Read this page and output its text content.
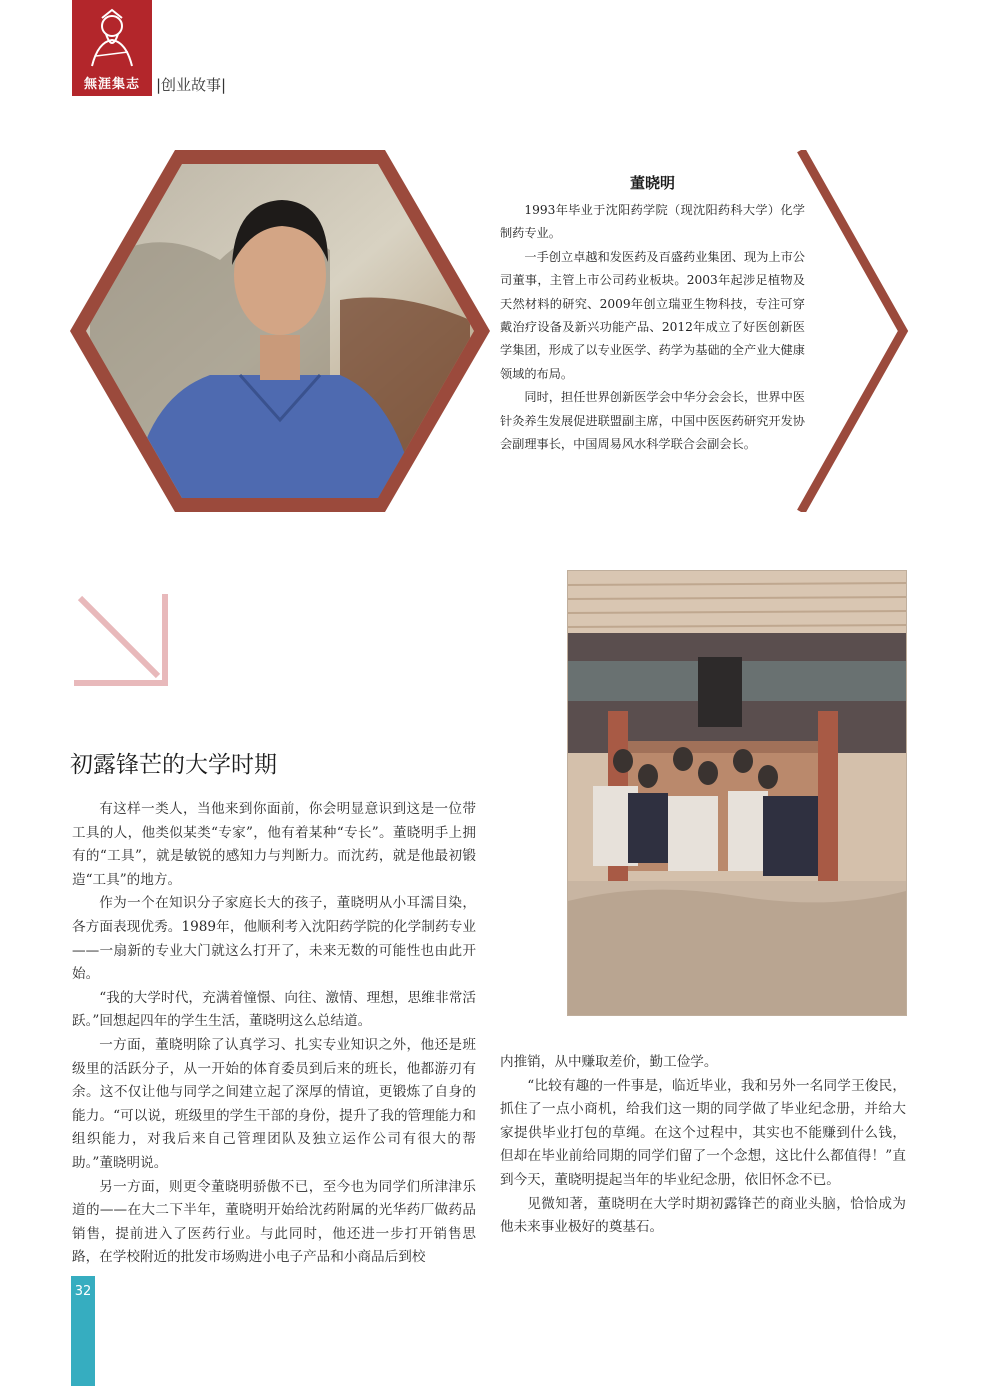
無涯集志	|创业故事|
董晓明

1993年毕业于沈阳药学院（现沈阳药科大学）化学制药专业。

一手创立卓越和发医药及百盛药业集团、现为上市公司董事，主管上市公司药业板块。2003年起涉足植物及天然材料的研究、2009年创立瑞亚生物科技，专注可穿戴治疗设备及新兴功能产品、2012年成立了好医创新医学集团，形成了以专业医学、药学为基础的全产业大健康领域的布局。

同时，担任世界创新医学会中华分会会长，世界中医针灸养生发展促进联盟副主席，中国中医医药研究开发协会副理事长，中国周易风水科学联合会副会长。

初露锋芒的大学时期

有这样一类人，当他来到你面前，你会明显意识到这是一位带工具的人，他类似某类“专家”，他有着某种“专长”。董晓明手上拥有的“工具”，就是敏锐的感知力与判断力。而沈药，就是他最初锻造“工具”的地方。

作为一个在知识分子家庭长大的孩子，董晓明从小耳濡目染，各方面表现优秀。1989年，他顺利考入沈阳药学院的化学制药专业——一扇新的专业大门就这么打开了，未来无数的可能性也由此开始。

“我的大学时代，充满着憧憬、向往、激情、理想，思维非常活跃。”回想起四年的学生生活，董晓明这么总结道。

一方面，董晓明除了认真学习、扎实专业知识之外，他还是班级里的活跃分子，从一开始的体育委员到后来的班长，他都游刃有余。这不仅让他与同学之间建立起了深厚的情谊，更锻炼了自身的能力。“可以说，班级里的学生干部的身份，提升了我的管理能力和组织能力，对我后来自己管理团队及独立运作公司有很大的帮助。”董晓明说。

另一方面，则更令董晓明骄傲不已，至今也为同学们所津津乐道的——在大二下半年，董晓明开始给沈药附属的光华药厂做药品销售，提前进入了医药行业。与此同时，他还进一步打开销售思路，在学校附近的批发市场购进小电子产品和小商品后到校

内推销，从中赚取差价，勤工俭学。

“比较有趣的一件事是，临近毕业，我和另外一名同学王俊民，抓住了一点小商机，给我们这一期的同学做了毕业纪念册，并给大家提供毕业打包的草绳。在这个过程中，其实也不能赚到什么钱，但却在毕业前给同期的同学们留了一个念想，这比什么都值得！”直到今天，董晓明提起当年的毕业纪念册，依旧怀念不已。

见微知著，董晓明在大学时期初露锋芒的商业头脑，恰恰成为他未来事业极好的奠基石。

32
